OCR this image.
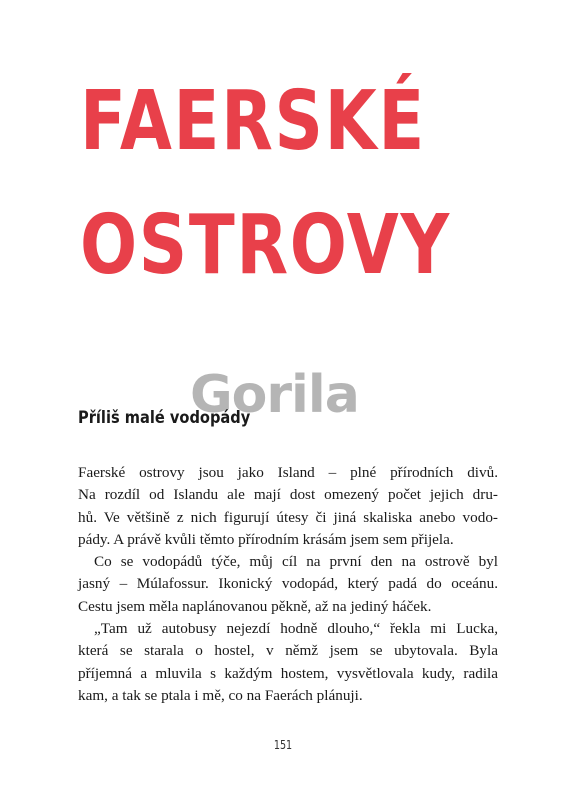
FAERSKÉ
OSTROVY
Gorila
Příliš malé vodopády
Faerské ostrovy jsou jako Island – plné přírodních divů.
Na rozdíl od Islandu ale mají dost omezený počet jejich dru-
hů. Ve většině z nich figurují útesy či jiná skaliska anebo vodo-
pády. A právě kvůli těmto přírodním krásám jsem sem přijela.
Co se vodopádů týče, můj cíl na první den na ostrově byl
jasný – Múlafossur. Ikonický vodopád, který padá do oceánu.
Cestu jsem měla naplánovanou pěkně, až na jediný háček.
„Tam už autobusy nejezdí hodně dlouho,“ řekla mi Lucka,
která se starala o hostel, v němž jsem se ubytovala. Byla
příjemná a mluvila s každým hostem, vysvětlovala kudy, radila
kam, a tak se ptala i mě, co na Faerách plánuji.
151
